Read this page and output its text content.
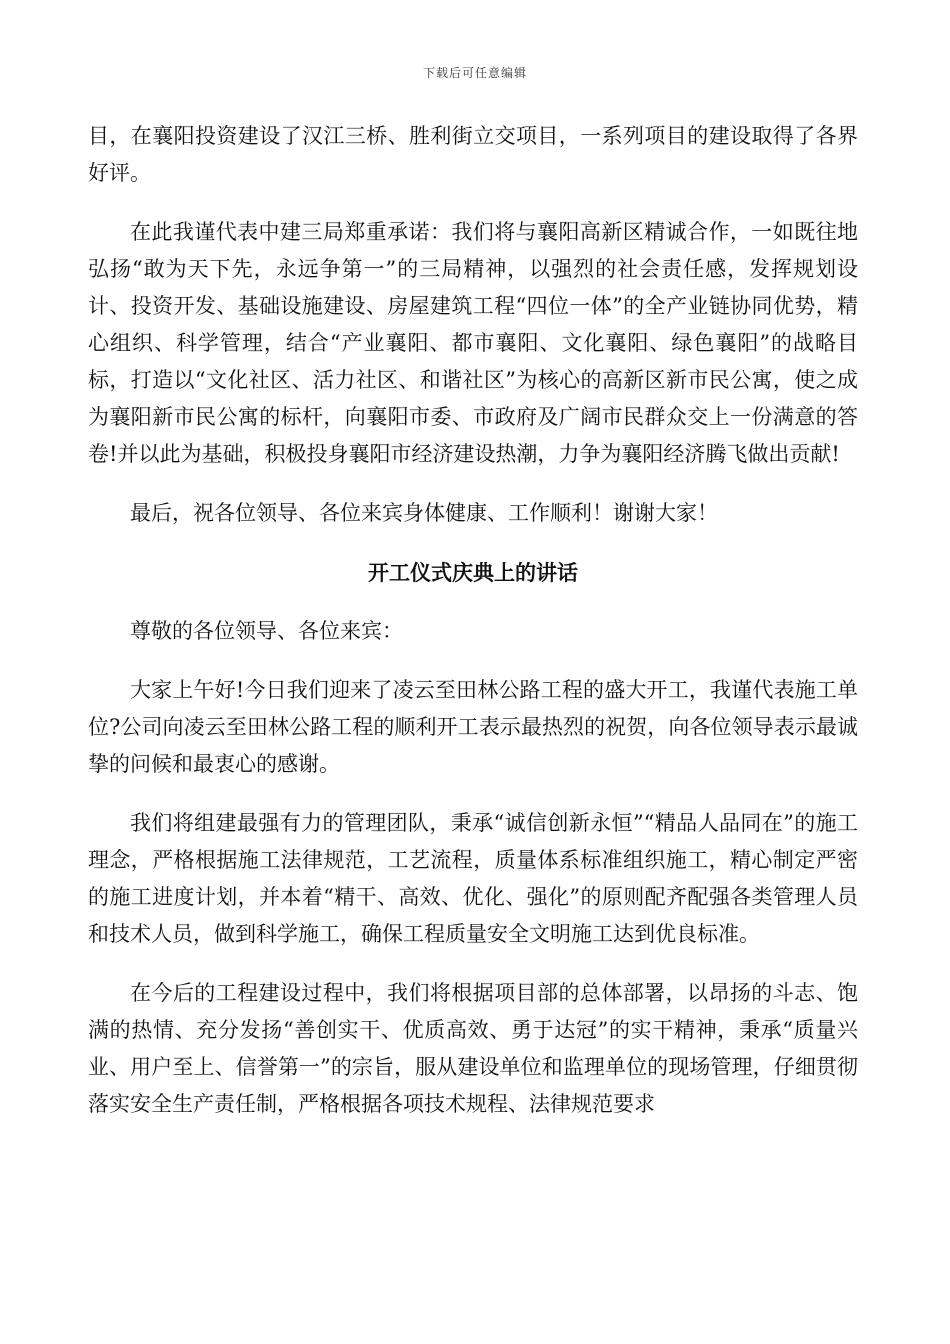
下载后可任意编辑

目，在襄阳投资建设了汉江三桥、胜利街立交项目，一系列项目的建设取得了各界好评。

在此我谨代表中建三局郑重承诺：我们将与襄阳高新区精诚合作，一如既往地弘扬“敢为天下先，永远争第一”的三局精神，以强烈的社会责任感，发挥规划设计、投资开发、基础设施建设、房屋建筑工程“四位一体”的全产业链协同优势，精心组织、科学管理，结合“产业襄阳、都市襄阳、文化襄阳、绿色襄阳”的战略目标，打造以“文化社区、活力社区、和谐社区”为核心的高新区新市民公寓，使之成为襄阳新市民公寓的标杆，向襄阳市委、市政府及广阔市民群众交上一份满意的答卷!并以此为基础，积极投身襄阳市经济建设热潮，力争为襄阳经济腾飞做出贡献!

最后，祝各位领导、各位来宾身体健康、工作顺利！谢谢大家！

开工仪式庆典上的讲话

尊敬的各位领导、各位来宾：

大家上午好!今日我们迎来了凌云至田林公路工程的盛大开工，我谨代表施工单位?公司向凌云至田林公路工程的顺利开工表示最热烈的祝贺，向各位领导表示最诚挚的问候和最衷心的感谢。

我们将组建最强有力的管理团队，秉承“诚信创新永恒”“精品人品同在”的施工理念，严格根据施工法律规范，工艺流程，质量体系标准组织施工，精心制定严密的施工进度计划，并本着“精干、高效、优化、强化”的原则配齐配强各类管理人员和技术人员，做到科学施工，确保工程质量安全文明施工达到优良标准。

在今后的工程建设过程中，我们将根据项目部的总体部署，以昂扬的斗志、饱满的热情、充分发扬“善创实干、优质高效、勇于达冠”的实干精神，秉承“质量兴业、用户至上、信誉第一”的宗旨，服从建设单位和监理单位的现场管理，仔细贯彻落实安全生产责任制，严格根据各项技术规程、法律规范要求
